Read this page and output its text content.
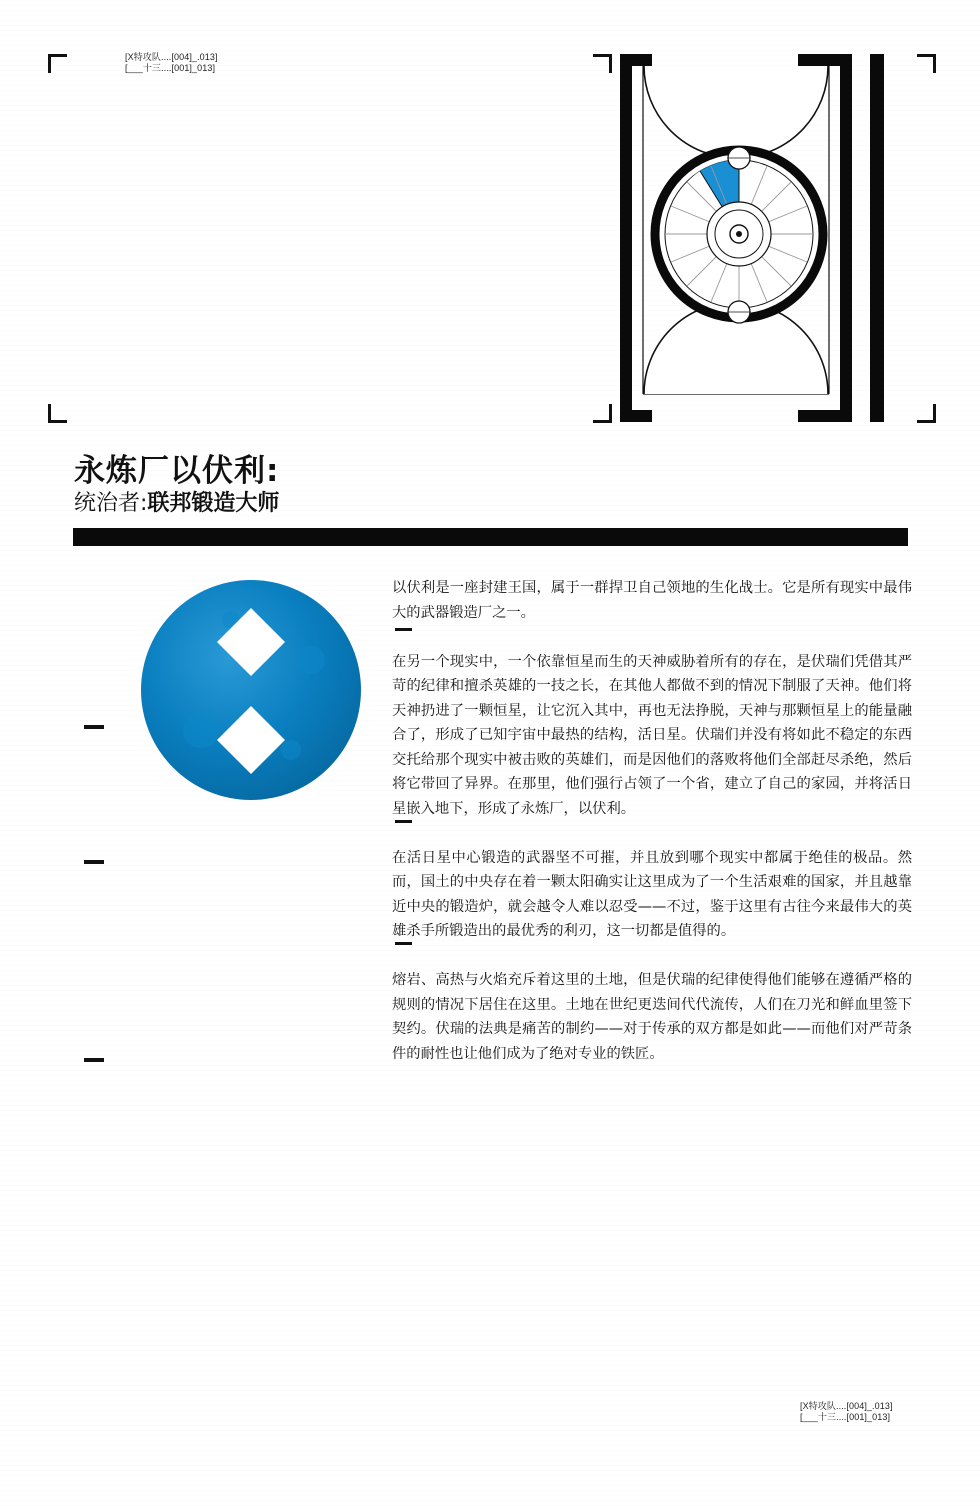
[X特攻队....[004]_.013]
[___十三....[001]_013]
永炼厂以伏利:
统治者:联邦锻造大师

以伏利是一座封建王国，属于一群捍卫自己领地的生化战士。它是所有现实中最伟大的武器锻造厂之一。

在另一个现实中，一个依靠恒星而生的天神威胁着所有的存在，是伏瑞们凭借其严苛的纪律和擅杀英雄的一技之长，在其他人都做不到的情况下制服了天神。他们将天神扔进了一颗恒星，让它沉入其中，再也无法挣脱，天神与那颗恒星上的能量融合了，形成了已知宇宙中最热的结构，活日星。伏瑞们并没有将如此不稳定的东西交托给那个现实中被击败的英雄们，而是因他们的落败将他们全部赶尽杀绝，然后将它带回了异界。在那里，他们强行占领了一个省，建立了自己的家园，并将活日星嵌入地下，形成了永炼厂，以伏利。

在活日星中心锻造的武器坚不可摧，并且放到哪个现实中都属于绝佳的极品。然而，国土的中央存在着一颗太阳确实让这里成为了一个生活艰难的国家，并且越靠近中央的锻造炉，就会越令人难以忍受——不过，鉴于这里有古往今来最伟大的英雄杀手所锻造出的最优秀的利刃，这一切都是值得的。

熔岩、高热与火焰充斥着这里的土地，但是伏瑞的纪律使得他们能够在遵循严格的规则的情况下居住在这里。土地在世纪更迭间代代流传，人们在刀光和鲜血里签下契约。伏瑞的法典是痛苦的制约——对于传承的双方都是如此——而他们对严苛条件的耐性也让他们成为了绝对专业的铁匠。

[X特攻队....[004]_.013]
[___十三....[001]_013]
